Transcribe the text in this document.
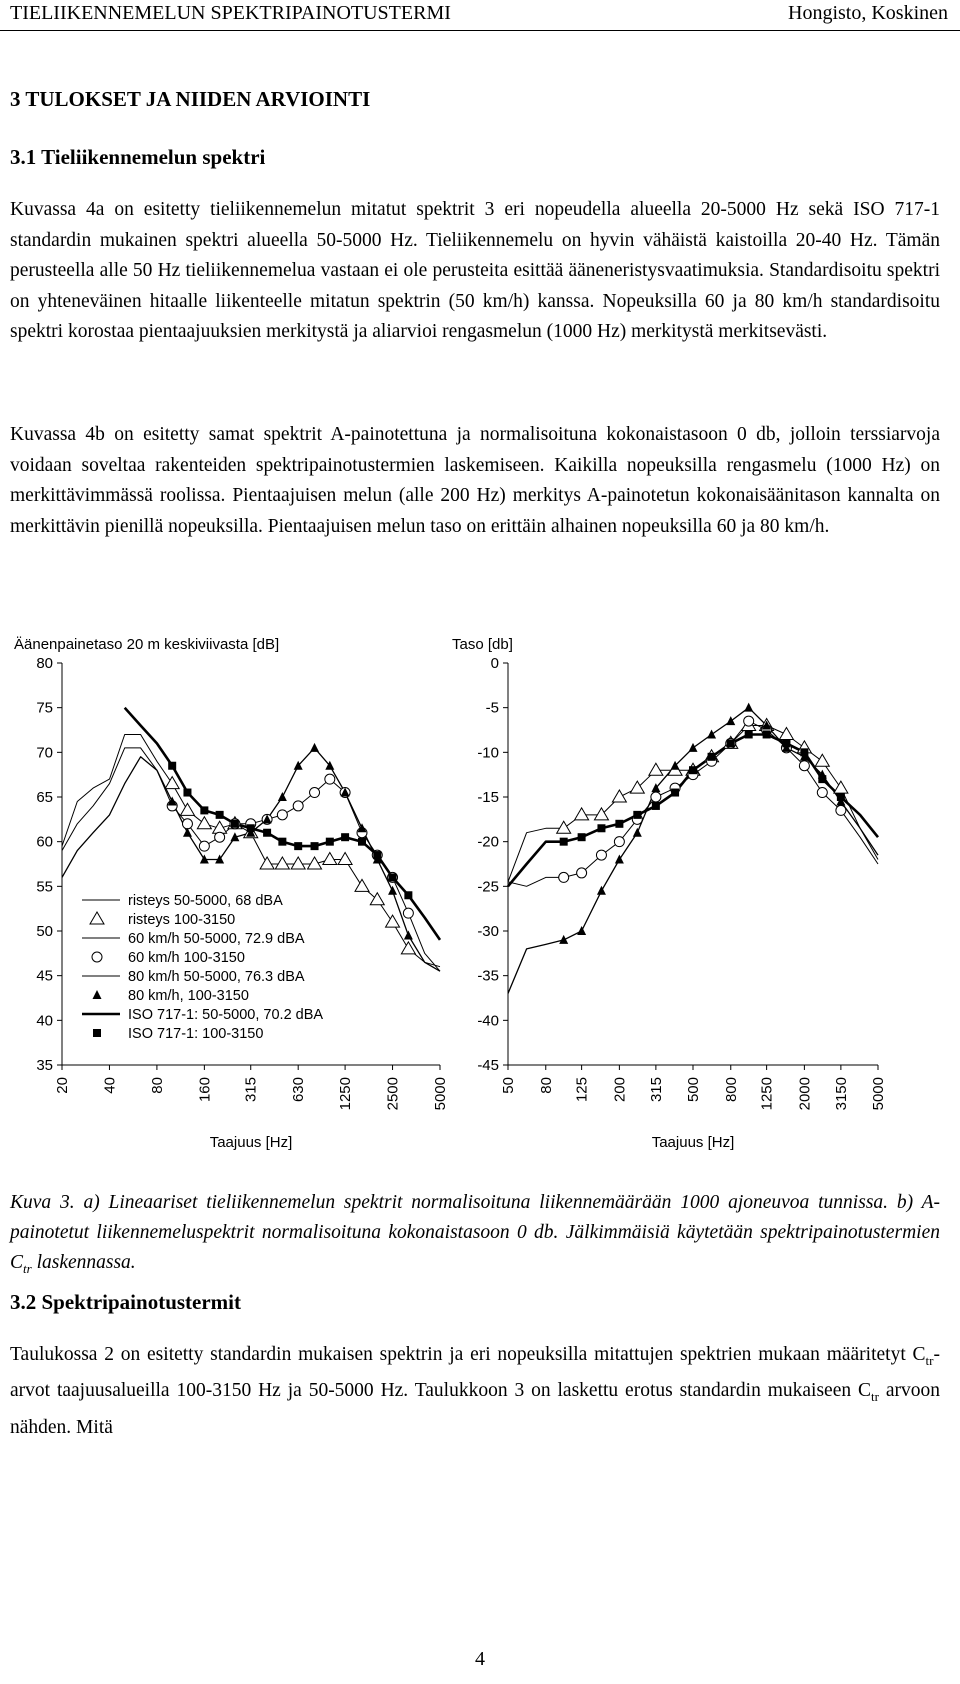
TIELIIKENNEMELUN SPEKTRIPAINOTUSTERMI	Hongisto, Koskinen
3 TULOKSET JA NIIDEN ARVIOINTI
3.1 Tieliikennemelun spektri
Kuvassa 4a on esitetty tieliikennemelun mitatut spektrit 3 eri nopeudella alueella 20-5000 Hz sekä ISO 717-1 standardin mukainen spektri alueella 50-5000 Hz. Tieliikennemelu on hyvin vähäistä kaistoilla 20-40 Hz. Tämän perusteella alle 50 Hz tieliikennemelua vastaan ei ole perusteita esittää ääneneristysvaatimuksia. Standardisoitu spektri on yhteneväinen hitaalle liikenteelle mitatun spektrin (50 km/h) kanssa. Nopeuksilla 60 ja 80 km/h standardisoitu spektri korostaa pientaajuuksien merkitystä ja aliarvioi rengasmelun (1000 Hz) merkitystä merkitsevästi.
Kuvassa 4b on esitetty samat spektrit A-painotettuna ja normalisoituna kokonaistasoon 0 db, jolloin terssiarvoja voidaan soveltaa rakenteiden spektripainotustermien laskemiseen. Kaikilla nopeuksilla rengasmelu (1000 Hz) on merkittävimmässä roolissa. Pientaajuisen melun (alle 200 Hz) merkitys A-painotetun kokonaisäänitason kannalta on merkittävin pienillä nopeuksilla. Pientaajuisen melun taso on erittäin alhainen nopeuksilla 60 ja 80 km/h.
Äänenpainetaso 20 m keskiviivasta [dB]
80
75
70
65
60
55
50
45
40
35
20 40 80 160 315 630 1250 2500 5000
Taajuus [Hz]
risteys 50-5000, 68 dBA
risteys 100-3150
60 km/h 50-5000, 72.9 dBA
60 km/h 100-3150
80 km/h 50-5000, 76.3 dBA
80 km/h, 100-3150
ISO 717-1: 50-5000, 70.2 dBA
ISO 717-1: 100-3150
Taso [db]
0
-5
-10
-15
-20
-25
-30
-35
-40
-45
50 80 125 200 315 500 800 1250 2000 3150 5000
Taajuus [Hz]
Kuva 3. a) Lineaariset tieliikennemelun spektrit normalisoituna liikennemäärään 1000 ajoneuvoa tunnissa. b) A-painotetut liikennemeluspektrit normalisoituna kokonaistasoon 0 db. Jälkimmäisiä käytetään spektripainotustermien $C_{tr}$ laskennassa.
3.2 Spektripainotustermit
Taulukossa 2 on esitetty standardin mukaisen spektrin ja eri nopeuksilla mitattujen spektrien mukaan määritetyt $C_{tr}$-arvot taajuusalueilla 100-3150 Hz ja 50-5000 Hz. Taulukkoon 3 on laskettu erotus standardin mukaiseen $C_{tr}$ arvoon nähden. Mitä
4
